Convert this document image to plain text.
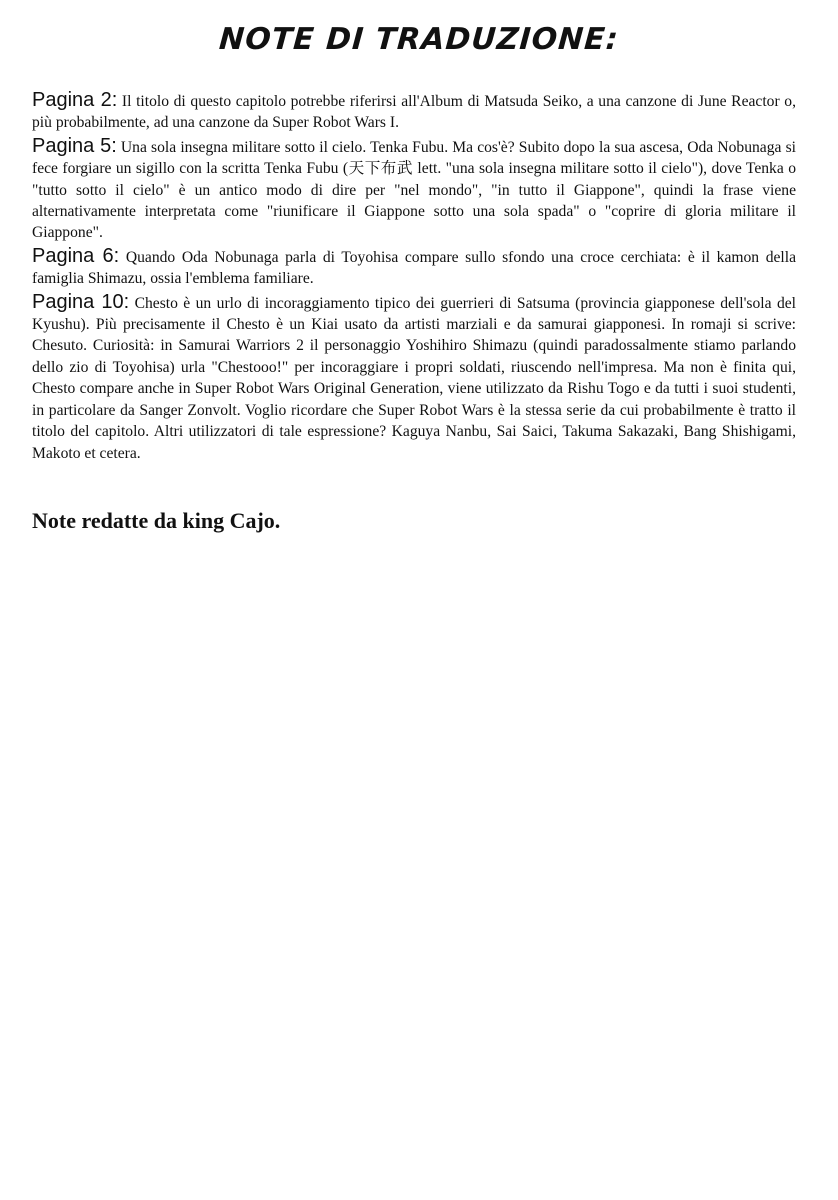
NOTE DI TRADUZIONE:

Pagina 2: Il titolo di questo capitolo potrebbe riferirsi all'Album di Matsuda Seiko, a una canzone di June Reactor o, più probabilmente, ad una canzone da Super Robot Wars I.

Pagina 5: Una sola insegna militare sotto il cielo. Tenka Fubu. Ma cos'è? Subito dopo la sua ascesa, Oda Nobunaga si fece forgiare un sigillo con la scritta Tenka Fubu (天下布武 lett. "una sola insegna militare sotto il cielo"), dove Tenka o "tutto sotto il cielo" è un antico modo di dire per "nel mondo", "in tutto il Giappone", quindi la frase viene alternativamente interpretata come "riunificare il Giappone sotto una sola spada" o "coprire di gloria militare il Giappone".

Pagina 6: Quando Oda Nobunaga parla di Toyohisa compare sullo sfondo una croce cerchiata: è il kamon della famiglia Shimazu, ossia l'emblema familiare.

Pagina 10: Chesto è un urlo di incoraggiamento tipico dei guerrieri di Satsuma (provincia giapponese dell'sola del Kyushu). Più precisamente il Chesto è un Kiai usato da artisti marziali e da samurai giapponesi. In romaji si scrive: Chesuto. Curiosità: in Samurai Warriors 2 il personaggio Yoshihiro Shimazu (quindi paradossalmente stiamo parlando dello zio di Toyohisa) urla "Chestooo!" per incoraggiare i propri soldati, riuscendo nell'impresa. Ma non è finita qui, Chesto compare anche in Super Robot Wars Original Generation, viene utilizzato da Rishu Togo e da tutti i suoi studenti, in particolare da Sanger Zonvolt. Voglio ricordare che Super Robot Wars è la stessa serie da cui probabilmente è tratto il titolo del capitolo. Altri utilizzatori di tale espressione? Kaguya Nanbu, Sai Saici, Takuma Sakazaki, Bang Shishigami, Makoto et cetera.

Note redatte da king Cajo.
